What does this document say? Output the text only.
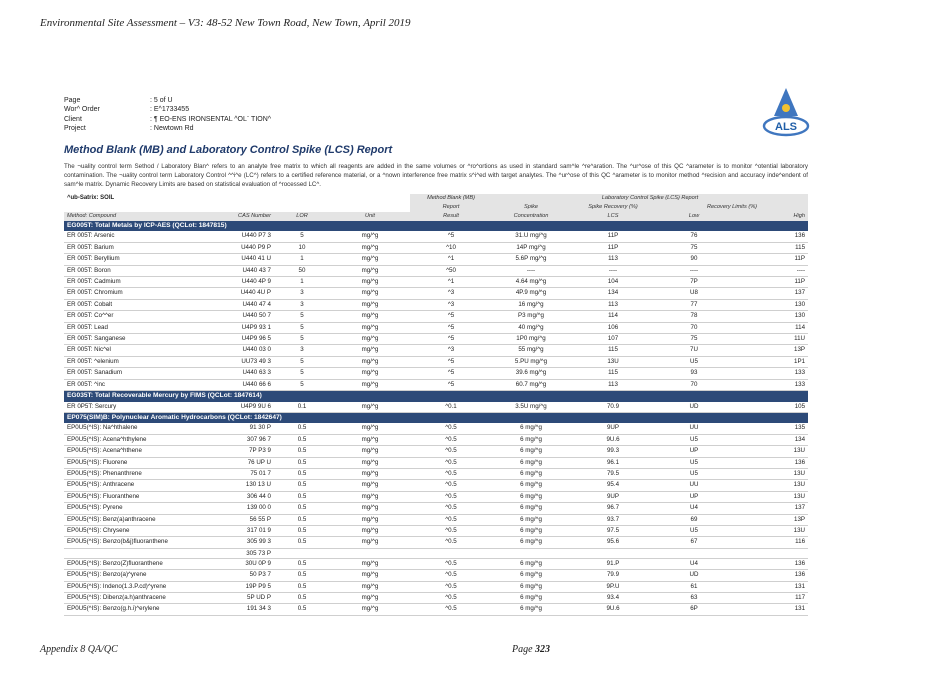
Environmental Site Assessment – V3: 48-52 New Town Road, New Town, April 2019
Page	: 5 of U
Wor^ Order	: E^1733455
Client	: ¶ EO-ENS IRONSENTAL ^OL¨ TION^
Project	: Newtown Rd	ALS
Method Blank (MB) and Laboratory Control Spike (LCS) Report
The ¬uality control term Sethod / Laboratory Blan^ refers to an analyte free matrix to which all reagents are added in the same volumes or ^ro^ortions as used in standard sam^le ^re^aration. The ^ur^ose of this QC ^arameter is to monitor ^otential laboratory contamination. The ¬uality control term Laboratory Control ^^i^e (LC^) refers to a certified reference material, or a ^nown interference free matrix s^i^ed with target analytes. The ^ur^ose of this QC ^arameter is to monitor method ^recision and accuracy inde^endent of sam^le matrix. Dynamic Recovery Limits are based on statistical evaluation of ^rocessed LC^.
^ub-Satrix: SOIL				Method Blank (MB)	Laboratory Control Spike (LCS) Report			
				Report	Spike	Spike Recovery (%)	Recovery Limits (%)	
Method: Compound	CAS Number	LOR	Unit	Result	Concentration	LCS	Low	High
EG005T: Total Metals by ICP-AES (QCLot: 1847815)								
ER 005T: Arsenic	U440 P7 3	5	mg/^g	^5	31.U mg/^g	11P	76	136
ER 005T: Barium	U440 P9 P	10	mg/^g	^10	14P mg/^g	11P	75	115
ER 005T: Beryllium	U440 41 U	1	mg/^g	^1	5.6P mg/^g	113	90	11P
ER 005T: Boron	U440 43 7	50	mg/^g	^50	----	----	----	----
ER 005T: Cadmium	U440 4P 9	1	mg/^g	^1	4.64 mg/^g	104	7P	11P
ER 005T: Chromium	U440 4U P	3	mg/^g	^3	4P.9 mg/^g	134	U8	137
ER 005T: Cobalt	U440 47 4	3	mg/^g	^3	16 mg/^g	113	77	130
ER 005T: Co^^er	U440 50 7	5	mg/^g	^5	P3 mg/^g	114	78	130
ER 005T: Lead	U4P9 93 1	5	mg/^g	^5	40 mg/^g	106	70	114
ER 005T: Sanganese	U4P9 96 5	5	mg/^g	^5	1P0 mg/^g	107	75	11U
ER 005T: Nic^el	U440 03 0	3	mg/^g	^3	55 mg/^g	115	7U	13P
ER 005T: ^elenium	UU73 49 3	5	mg/^g	^5	5.PU mg/^g	13U	U5	1P1
ER 005T: Sanadium	U440 63 3	5	mg/^g	^5	39.6 mg/^g	115	93	133
ER 005T: ^inc	U440 66 6	5	mg/^g	^5	60.7 mg/^g	113	70	133
EG035T: Total Recoverable Mercury by FIMS (QCLot: 1847614)								
ER 0P5T: Sercury	U4P9 9U 6	0.1	mg/^g	^0.1	3.5U mg/^g	70.9	UD	105
EP075(SIM)B: Polynuclear Aromatic Hydrocarbons (QCLot: 1842647)								
EP0U5(^IS): Na^hthalene	91 30 P	0.5	mg/^g	^0.5	6 mg/^g	9UP	UU	135
EP0U5(^IS): Acena^hthylene	307 96 7	0.5	mg/^g	^0.5	6 mg/^g	9U.6	U5	134
EP0U5(^IS): Acena^hthene	7P P3 9	0.5	mg/^g	^0.5	6 mg/^g	99.3	UP	13U
EP0U5(^IS): Fluorene	76 UP U	0.5	mg/^g	^0.5	6 mg/^g	96.1	U5	136
EP0U5(^IS): Phenanthrene	75 01 7	0.5	mg/^g	^0.5	6 mg/^g	79.5	U5	13U
EP0U5(^IS): Anthracene	130 13 U	0.5	mg/^g	^0.5	6 mg/^g	95.4	UU	13U
EP0U5(^IS): Fluoranthene	306 44 0	0.5	mg/^g	^0.5	6 mg/^g	9UP	UP	13U
EP0U5(^IS): Pyrene	139 00 0	0.5	mg/^g	^0.5	6 mg/^g	96.7	U4	137
EP0U5(^IS): Benz(a)anthracene	56 55 P	0.5	mg/^g	^0.5	6 mg/^g	93.7	69	13P
EP0U5(^IS): Chrysene	317 01 9	0.5	mg/^g	^0.5	6 mg/^g	97.5	U5	13U
EP0U5(^IS): Benzo(b&j)fluoranthene	305 99 3	0.5	mg/^g	^0.5	6 mg/^g	95.6	67	116
	305 73 P							
EP0U5(^IS): Benzo(Z)fluoranthene	30U 0P 9	0.5	mg/^g	^0.5	6 mg/^g	91.P	U4	136
EP0U5(^IS): Benzo(a)^yrene	50 P3 7	0.5	mg/^g	^0.5	6 mg/^g	79.9	UD	136
EP0U5(^IS): Indeno(1.3.P.cd)^yrene	19P P9 5	0.5	mg/^g	^0.5	6 mg/^g	9P.U	61	131
EP0U5(^IS): Dibenz(a.h)anthracene	5P UD P	0.5	mg/^g	^0.5	6 mg/^g	93.4	63	117
EP0U5(^IS): Benzo(g.h.i)^erylene	191 34 3	0.5	mg/^g	^0.5	6 mg/^g	9U.6	6P	131
Appendix 8 QA/QC	Page 323
